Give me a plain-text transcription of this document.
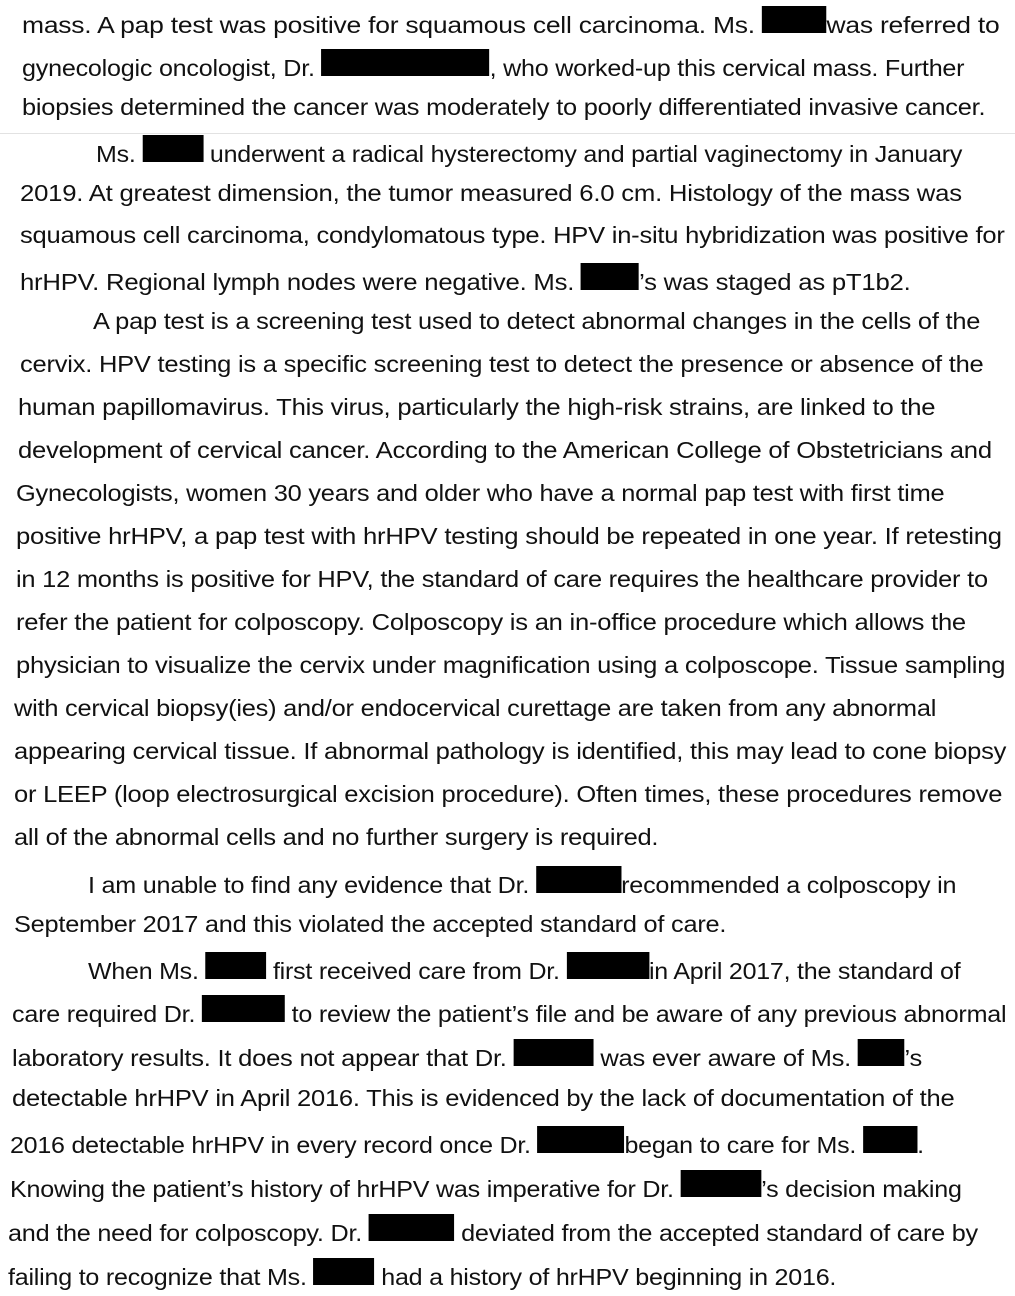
mass. A pap test was positive for squamous cell carcinoma. Ms.	was referred to
gynecologic oncologist, Dr.	, who worked-up this cervical mass. Further
biopsies determined the cancer was moderately to poorly differentiated invasive cancer.
Ms.	underwent a radical hysterectomy and partial vaginectomy in January
2019. At greatest dimension, the tumor measured 6.0 cm. Histology of the mass was
squamous cell carcinoma, condylomatous type. HPV in-situ hybridization was positive for
hrHPV. Regional lymph nodes were negative. Ms.	’s was staged as pT1b2.
A pap test is a screening test used to detect abnormal changes in the cells of the
cervix. HPV testing is a specific screening test to detect the presence or absence of the
human papillomavirus. This virus, particularly the high-risk strains, are linked to the
development of cervical cancer. According to the American College of Obstetricians and
Gynecologists, women 30 years and older who have a normal pap test with first time
positive hrHPV, a pap test with hrHPV testing should be repeated in one year. If retesting
in 12 months is positive for HPV, the standard of care requires the healthcare provider to
refer the patient for colposcopy. Colposcopy is an in-office procedure which allows the
physician to visualize the cervix under magnification using a colposcope. Tissue sampling
with cervical biopsy(ies) and/or endocervical curettage are taken from any abnormal
appearing cervical tissue. If abnormal pathology is identified, this may lead to cone biopsy
or LEEP (loop electrosurgical excision procedure). Often times, these procedures remove
all of the abnormal cells and no further surgery is required.
I am unable to find any evidence that Dr.	recommended a colposcopy in
September 2017 and this violated the accepted standard of care.
When Ms.	first received care from Dr.	in April 2017, the standard of
care required Dr.	to review the patient’s file and be aware of any previous abnormal
laboratory results. It does not appear that Dr.	was ever aware of Ms. ’s
detectable hrHPV in April 2016. This is evidenced by the lack of documentation of the
2016 detectable hrHPV in every record once Dr.	began to care for Ms. .
Knowing the patient’s history of hrHPV was imperative for Dr.	’s decision making
and the need for colposcopy. Dr.	deviated from the accepted standard of care by
failing to recognize that Ms.	had a history of hrHPV beginning in 2016.
